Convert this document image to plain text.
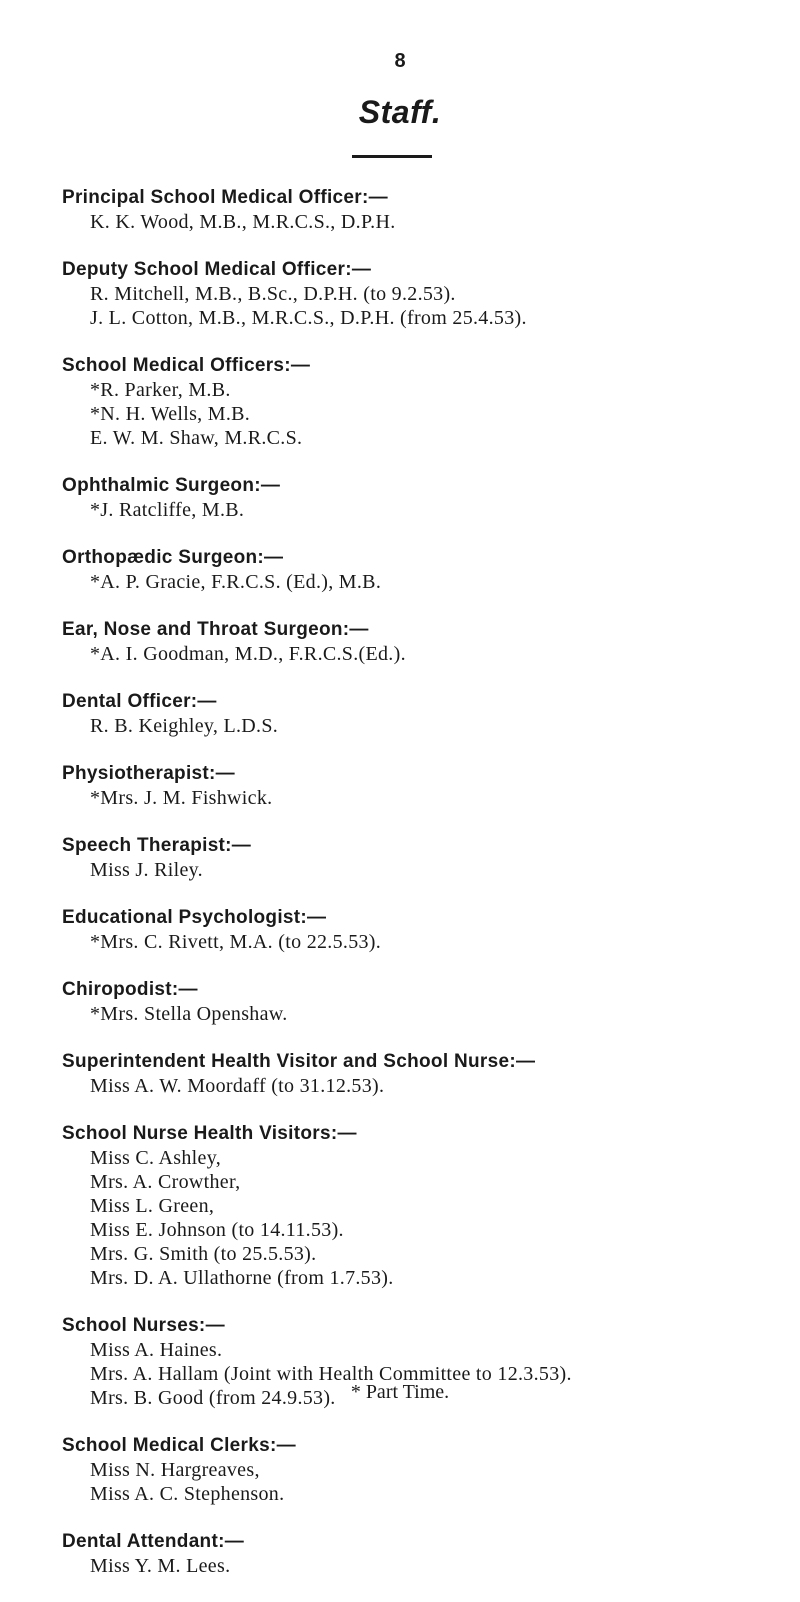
8
Staff.
Principal School Medical Officer:—
K. K. Wood, M.B., M.R.C.S., D.P.H.
Deputy School Medical Officer:—
R. Mitchell, M.B., B.Sc., D.P.H. (to 9.2.53).
J. L. Cotton, M.B., M.R.C.S., D.P.H. (from 25.4.53).
School Medical Officers:—
*R. Parker, M.B.
*N. H. Wells, M.B.
E. W. M. Shaw, M.R.C.S.
Ophthalmic Surgeon:—
*J. Ratcliffe, M.B.
Orthopædic Surgeon:—
*A. P. Gracie, F.R.C.S. (Ed.), M.B.
Ear, Nose and Throat Surgeon:—
*A. I. Goodman, M.D., F.R.C.S.(Ed.).
Dental Officer:—
R. B. Keighley, L.D.S.
Physiotherapist:—
*Mrs. J. M. Fishwick.
Speech Therapist:—
Miss J. Riley.
Educational Psychologist:—
*Mrs. C. Rivett, M.A. (to 22.5.53).
Chiropodist:—
*Mrs. Stella Openshaw.
Superintendent Health Visitor and School Nurse:—
Miss A. W. Moordaff (to 31.12.53).
School Nurse Health Visitors:—
Miss C. Ashley,
Mrs. A. Crowther,
Miss L. Green,
Miss E. Johnson (to 14.11.53).
Mrs. G. Smith (to 25.5.53).
Mrs. D. A. Ullathorne (from 1.7.53).
School Nurses:—
Miss A. Haines.
Mrs. A. Hallam (Joint with Health Committee to 12.3.53).
Mrs. B. Good (from 24.9.53).
School Medical Clerks:—
Miss N. Hargreaves,
Miss A. C. Stephenson.
Dental Attendant:—
Miss Y. M. Lees.
* Part Time.
